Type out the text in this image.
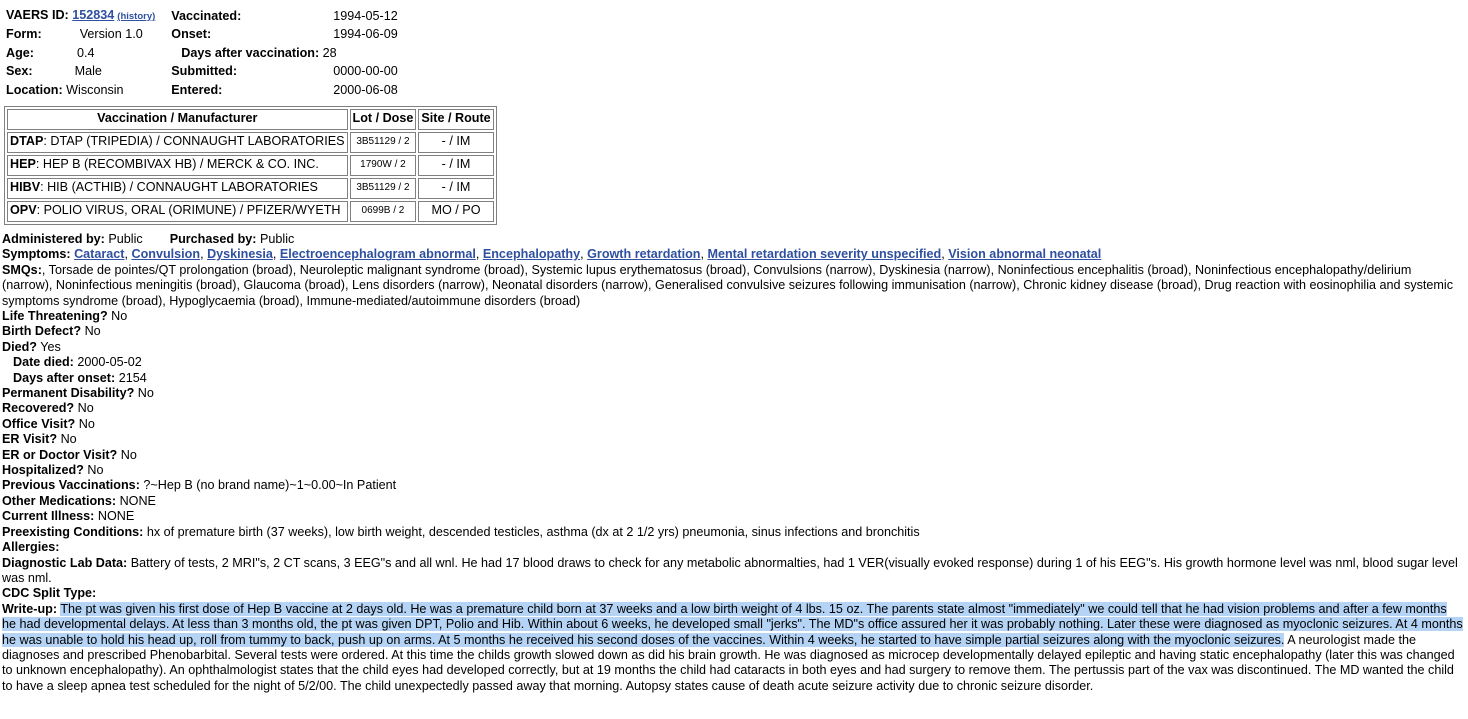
VAERS ID: 152834 (history)		Vaccinated:		1994-05-12
Form: Version 1.0		Onset:		1994-06-09
Age: 0.4		Days after vaccination: 28		
Sex: Male		Submitted:		0000-00-00
Location: Wisconsin		Entered:		2000-06-08
Vaccination / Manufacturer	Lot / Dose	Site / Route
DTAP: DTAP (TRIPEDIA) / CONNAUGHT LABORATORIES	3B51129 / 2	- / IM
HEP: HEP B (RECOMBIVAX HB) / MERCK & CO. INC.	1790W / 2	- / IM
HIBV: HIB (ACTHIB) / CONNAUGHT LABORATORIES	3B51129 / 2	- / IM
OPV: POLIO VIRUS, ORAL (ORIMUNE) / PFIZER/WYETH	0699B / 2	MO / PO
Administered by: Public Purchased by: Public
Symptoms: Cataract, Convulsion, Dyskinesia, Electroencephalogram abnormal, Encephalopathy, Growth retardation, Mental retardation severity unspecified, Vision abnormal neonatal
SMQs:, Torsade de pointes/QT prolongation (broad), Neuroleptic malignant syndrome (broad), Systemic lupus erythematosus (broad), Convulsions (narrow), Dyskinesia (narrow), Noninfectious encephalitis (broad), Noninfectious encephalopathy/delirium (narrow), Noninfectious meningitis (broad), Glaucoma (broad), Lens disorders (narrow), Neonatal disorders (narrow), Generalised convulsive seizures following immunisation (narrow), Chronic kidney disease (broad), Drug reaction with eosinophilia and systemic symptoms syndrome (broad), Hypoglycaemia (broad), Immune-mediated/autoimmune disorders (broad)
Life Threatening? No
Birth Defect? No
Died? Yes
Date died: 2000-05-02
Days after onset: 2154
Permanent Disability? No
Recovered? No
Office Visit? No
ER Visit? No
ER or Doctor Visit? No
Hospitalized? No
Previous Vaccinations: ?~Hep B (no brand name)~1~0.00~In Patient
Other Medications: NONE
Current Illness: NONE
Preexisting Conditions: hx of premature birth (37 weeks), low birth weight, descended testicles, asthma (dx at 2 1/2 yrs) pneumonia, sinus infections and bronchitis
Allergies:
Diagnostic Lab Data: Battery of tests, 2 MRI"s, 2 CT scans, 3 EEG"s and all wnl. He had 17 blood draws to check for any metabolic abnormalties, had 1 VER(visually evoked response) during 1 of his EEG"s. His growth hormone level was nml, blood sugar level was nml.
CDC Split Type:
Write-up: The pt was given his first dose of Hep B vaccine at 2 days old. He was a premature child born at 37 weeks and a low birth weight of 4 lbs. 15 oz. The parents state almost "immediately" we could tell that he had vision problems and after a few months he had developmental delays. At less than 3 months old, the pt was given DPT, Polio and Hib. Within about 6 weeks, he developed small "jerks". The MD"s office assured her it was probably nothing. Later these were diagnosed as myoclonic seizures. At 4 months he was unable to hold his head up, roll from tummy to back, push up on arms. At 5 months he received his second doses of the vaccines. Within 4 weeks, he started to have simple partial seizures along with the myoclonic seizures. A neurologist made the diagnoses and prescribed Phenobarbital. Several tests were ordered. At this time the childs growth slowed down as did his brain growth. He was diagnosed as microcep developmentally delayed epileptic and having static encephalopathy (later this was changed to unknown encephalopathy). An ophthalmologist states that the child eyes had developed correctly, but at 19 months the child had cataracts in both eyes and had surgery to remove them. The pertussis part of the vax was discontinued. The MD wanted the child to have a sleep apnea test scheduled for the night of 5/2/00. The child unexpectedly passed away that morning. Autopsy states cause of death acute seizure activity due to chronic seizure disorder.
